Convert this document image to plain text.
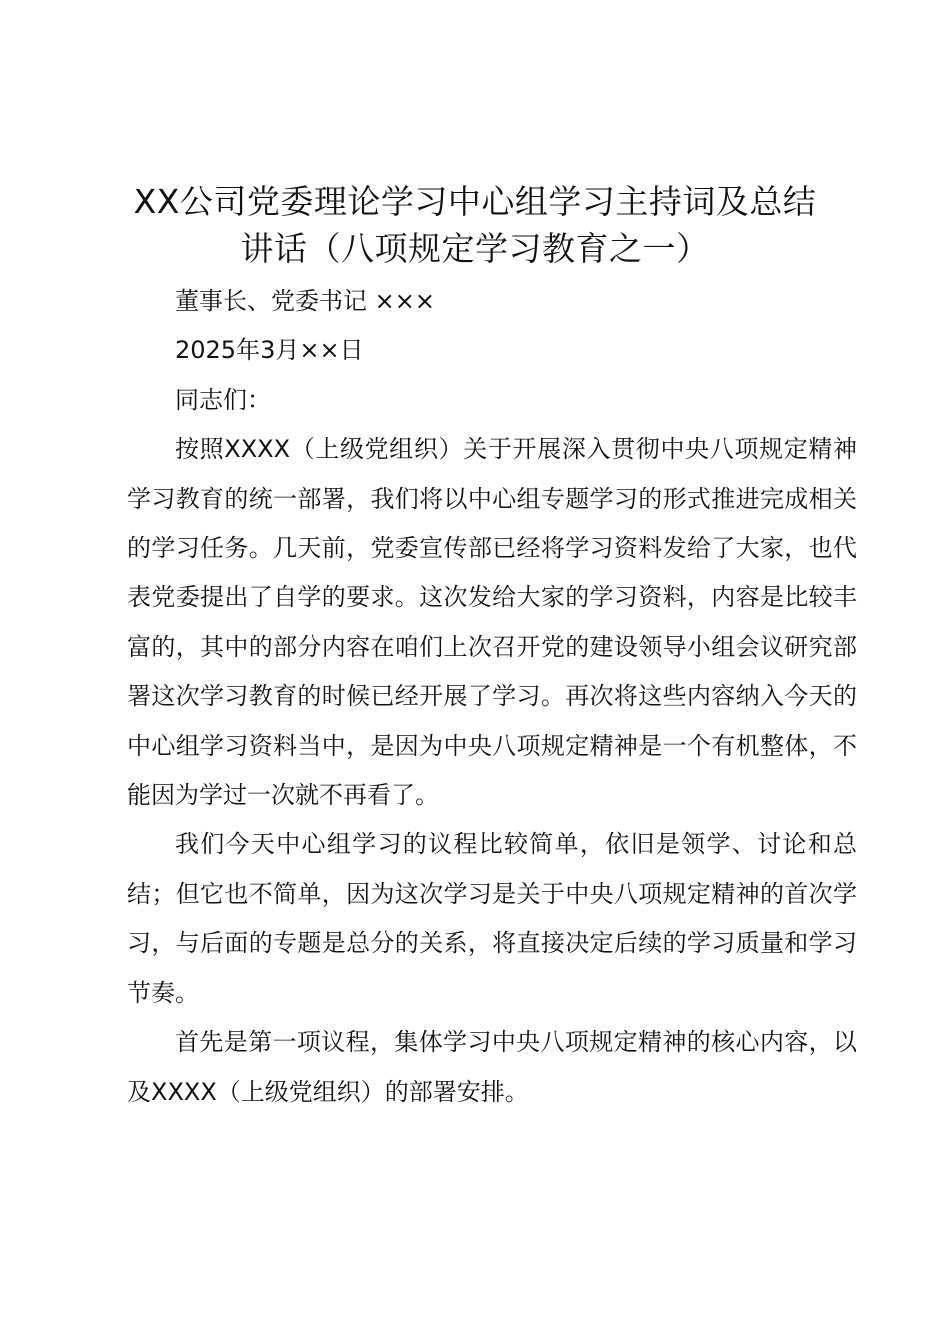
XX公司党委理论学习中心组学习主持词及总结讲话（八项规定学习教育之一）

董事长、党委书记 ×××

2025年3月××日

同志们：

按照XXXX（上级党组织）关于开展深入贯彻中央八项规定精神学习教育的统一部署，我们将以中心组专题学习的形式推进完成相关的学习任务。几天前，党委宣传部已经将学习资料发给了大家，也代表党委提出了自学的要求。这次发给大家的学习资料，内容是比较丰富的，其中的部分内容在咱们上次召开党的建设领导小组会议研究部署这次学习教育的时候已经开展了学习。再次将这些内容纳入今天的中心组学习资料当中，是因为中央八项规定精神是一个有机整体，不能因为学过一次就不再看了。

我们今天中心组学习的议程比较简单，依旧是领学、讨论和总结；但它也不简单，因为这次学习是关于中央八项规定精神的首次学习，与后面的专题是总分的关系，将直接决定后续的学习质量和学习节奏。

首先是第一项议程，集体学习中央八项规定精神的核心内容，以及XXXX（上级党组织）的部署安排。
